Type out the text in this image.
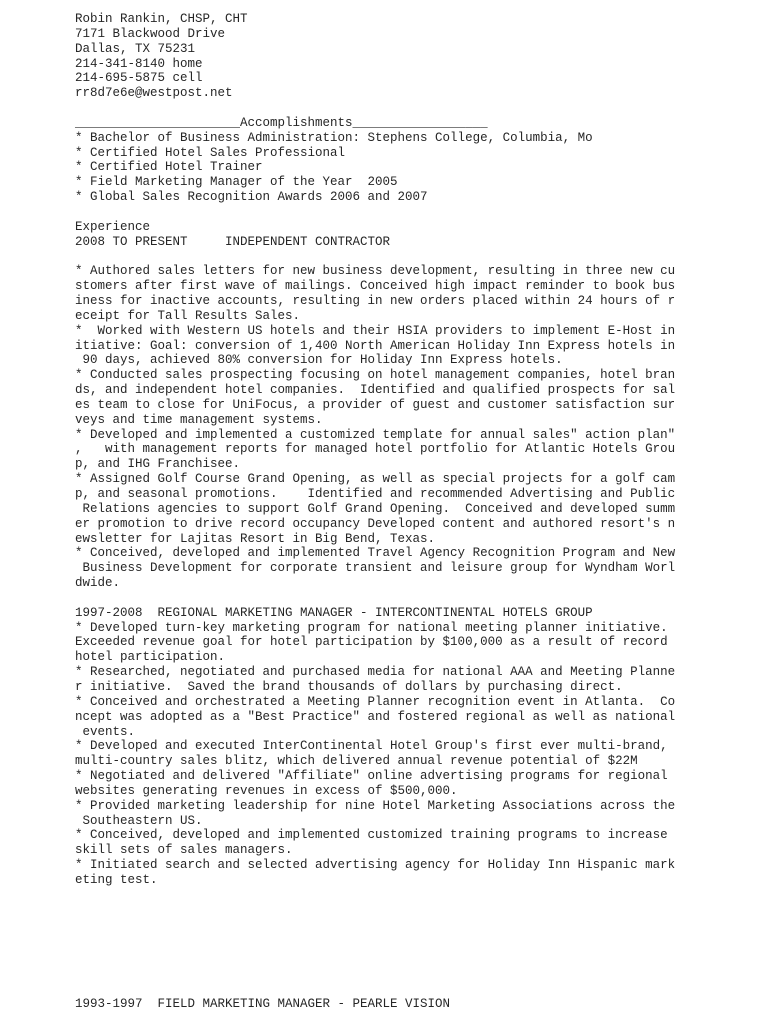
Robin Rankin, CHSP, CHT
7171 Blackwood Drive
Dallas, TX 75231
214-341-8140 home
214-695-5875 cell
rr8d7e6e@westpost.net
______________________Accomplishments__________________
* Bachelor of Business Administration: Stephens College, Columbia, Mo
* Certified Hotel Sales Professional
* Certified Hotel Trainer
* Field Marketing Manager of the Year  2005
* Global Sales Recognition Awards 2006 and 2007
Experience
2008 TO PRESENT     INDEPENDENT CONTRACTOR
* Authored sales letters for new business development, resulting in three new cu
stomers after first wave of mailings. Conceived high impact reminder to book bus
iness for inactive accounts, resulting in new orders placed within 24 hours of r
eceipt for Tall Results Sales.
*  Worked with Western US hotels and their HSIA providers to implement E-Host in
itiative: Goal: conversion of 1,400 North American Holiday Inn Express hotels in
90 days, achieved 80% conversion for Holiday Inn Express hotels.
* Conducted sales prospecting focusing on hotel management companies, hotel bran
ds, and independent hotel companies.  Identified and qualified prospects for sal
es team to close for UniFocus, a provider of guest and customer satisfaction sur
veys and time management systems.
* Developed and implemented a customized template for annual sales" action plan"
,   with management reports for managed hotel portfolio for Atlantic Hotels Grou
p, and IHG Franchisee.
* Assigned Golf Course Grand Opening, as well as special projects for a golf cam
p, and seasonal promotions.    Identified and recommended Advertising and Public
Relations agencies to support Golf Grand Opening.  Conceived and developed summ
er promotion to drive record occupancy Developed content and authored resort's n
ewsletter for Lajitas Resort in Big Bend, Texas.
* Conceived, developed and implemented Travel Agency Recognition Program and New
Business Development for corporate transient and leisure group for Wyndham Worl
dwide.
1997-2008  REGIONAL MARKETING MANAGER - INTERCONTINENTAL HOTELS GROUP
* Developed turn-key marketing program for national meeting planner initiative.
Exceeded revenue goal for hotel participation by $100,000 as a result of record
hotel participation.
* Researched, negotiated and purchased media for national AAA and Meeting Planne
r initiative.  Saved the brand thousands of dollars by purchasing direct.
* Conceived and orchestrated a Meeting Planner recognition event in Atlanta.  Co
ncept was adopted as a "Best Practice" and fostered regional as well as national
events.
* Developed and executed InterContinental Hotel Group's first ever multi-brand,
multi-country sales blitz, which delivered annual revenue potential of $22M
* Negotiated and delivered "Affiliate" online advertising programs for regional
websites generating revenues in excess of $500,000.
* Provided marketing leadership for nine Hotel Marketing Associations across the
Southeastern US.
* Conceived, developed and implemented customized training programs to increase
skill sets of sales managers.
* Initiated search and selected advertising agency for Holiday Inn Hispanic mark
eting test.
1993-1997  FIELD MARKETING MANAGER - PEARLE VISION
